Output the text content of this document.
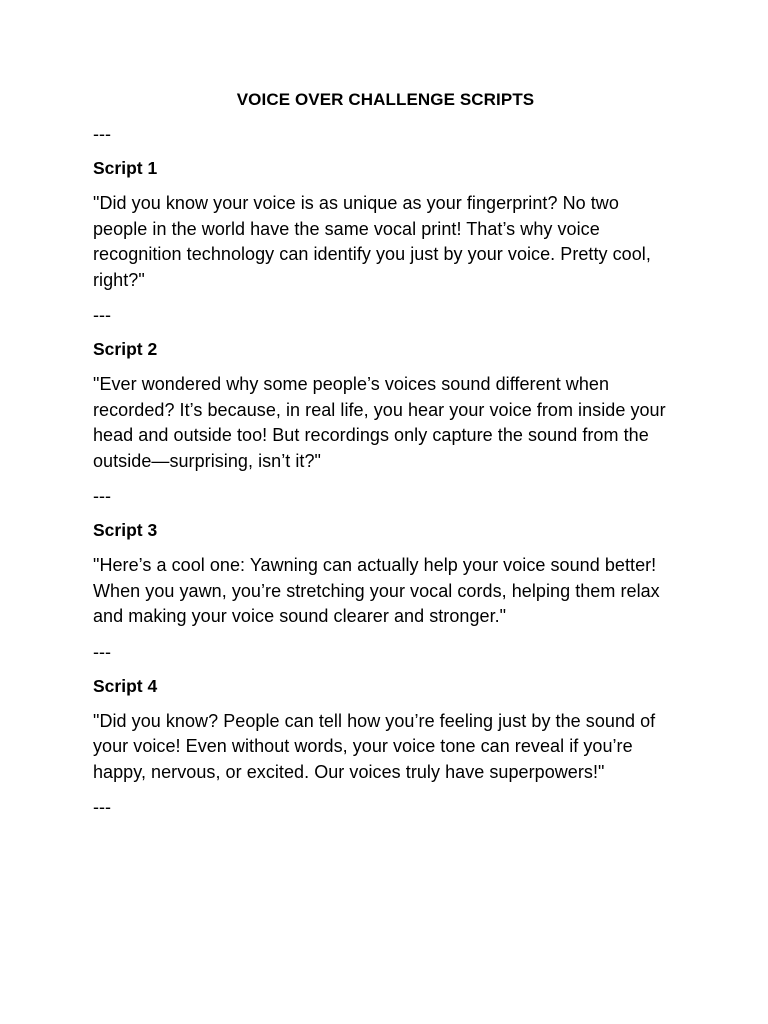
VOICE OVER CHALLENGE SCRIPTS
---
Script 1

"Did you know your voice is as unique as your fingerprint? No two people in the world have the same vocal print! That’s why voice recognition technology can identify you just by your voice. Pretty cool, right?"

---
Script 2

"Ever wondered why some people’s voices sound different when recorded? It’s because, in real life, you hear your voice from inside your head and outside too! But recordings only capture the sound from the outside—surprising, isn’t it?"

---
Script 3

"Here’s a cool one: Yawning can actually help your voice sound better! When you yawn, you’re stretching your vocal cords, helping them relax and making your voice sound clearer and stronger."

---
Script 4

"Did you know? People can tell how you’re feeling just by the sound of your voice! Even without words, your voice tone can reveal if you’re happy, nervous, or excited. Our voices truly have superpowers!"

---
